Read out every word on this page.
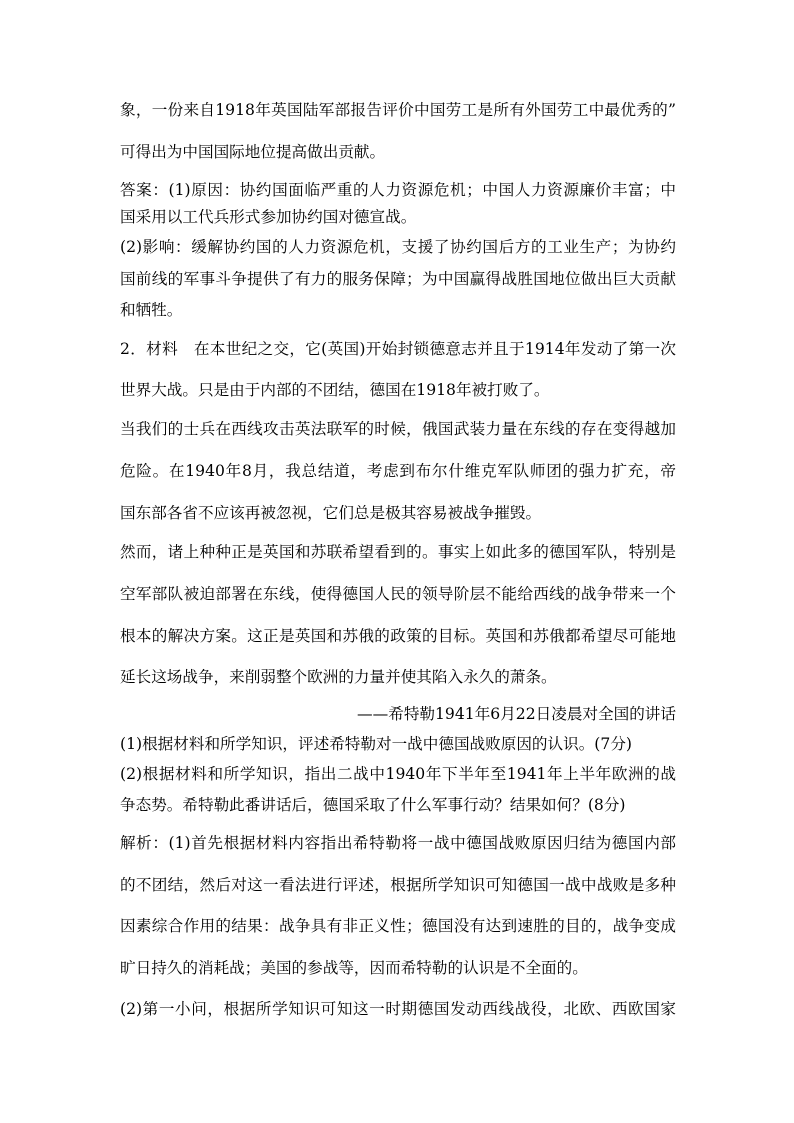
象，一份来自1918年英国陆军部报告评价中国劳工是所有外国劳工中最优秀的”
可得出为中国国际地位提高做出贡献。
答案：(1)原因：协约国面临严重的人力资源危机；中国人力资源廉价丰富；中
国采用以工代兵形式参加协约国对德宣战。
(2)影响：缓解协约国的人力资源危机，支援了协约国后方的工业生产；为协约
国前线的军事斗争提供了有力的服务保障；为中国赢得战胜国地位做出巨大贡献
和牺牲。
2．材料　在本世纪之交，它(英国)开始封锁德意志并且于1914年发动了第一次
世界大战。只是由于内部的不团结，德国在1918年被打败了。
当我们的士兵在西线攻击英法联军的时候，俄国武装力量在东线的存在变得越加
危险。在1940年8月，我总结道，考虑到布尔什维克军队师团的强力扩充，帝
国东部各省不应该再被忽视，它们总是极其容易被战争摧毁。
然而，诸上种种正是英国和苏联希望看到的。事实上如此多的德国军队，特别是
空军部队被迫部署在东线，使得德国人民的领导阶层不能给西线的战争带来一个
根本的解决方案。这正是英国和苏俄的政策的目标。英国和苏俄都希望尽可能地
延长这场战争，来削弱整个欧洲的力量并使其陷入永久的萧条。
——希特勒1941年6月22日凌晨对全国的讲话
(1)根据材料和所学知识，评述希特勒对一战中德国战败原因的认识。(7分)
(2)根据材料和所学知识，指出二战中1940年下半年至1941年上半年欧洲的战
争态势。希特勒此番讲话后，德国采取了什么军事行动？结果如何？(8分)
解析：(1)首先根据材料内容指出希特勒将一战中德国战败原因归结为德国内部
的不团结，然后对这一看法进行评述，根据所学知识可知德国一战中战败是多种
因素综合作用的结果：战争具有非正义性；德国没有达到速胜的目的，战争变成
旷日持久的消耗战；美国的参战等，因而希特勒的认识是不全面的。
(2)第一小问，根据所学知识可知这一时期德国发动西线战役，北欧、西欧国家
